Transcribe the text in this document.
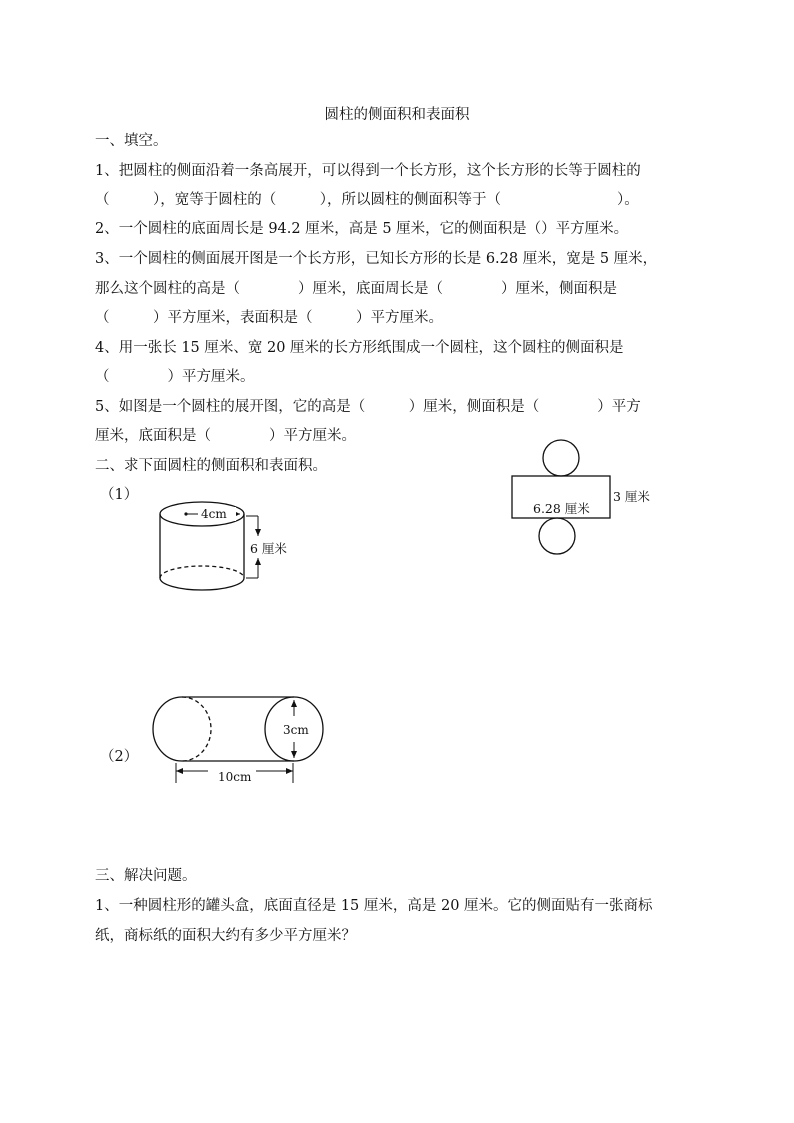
圆柱的侧面积和表面积
一、填空。
1、把圆柱的侧面沿着一条高展开，可以得到一个长方形，这个长方形的长等于圆柱的
（　　　），宽等于圆柱的（　　　），所以圆柱的侧面积等于（　　　　　　　　）。
2、一个圆柱的底面周长是 94.2 厘米，高是 5 厘米，它的侧面积是（）平方厘米。
3、一个圆柱的侧面展开图是一个长方形，已知长方形的长是 6.28 厘米，宽是 5 厘米，
那么这个圆柱的高是（　　　　）厘米，底面周长是（　　　　）厘米，侧面积是
（　　　）平方厘米，表面积是（　　　）平方厘米。
4、用一张长 15 厘米、宽 20 厘米的长方形纸围成一个圆柱，这个圆柱的侧面积是
（　　　　）平方厘米。
5、如图是一个圆柱的展开图，它的高是（　　　）厘米，侧面积是（　　　　）平方
厘米，底面积是（　　　　）平方厘米。
二、求下面圆柱的侧面积和表面积。
（1）
4cm
6 厘米
6.28 厘米
3 厘米
3cm
10cm
（2）
三、解决问题。
1、一种圆柱形的罐头盒，底面直径是 15 厘米，高是 20 厘米。它的侧面贴有一张商标
纸，商标纸的面积大约有多少平方厘米？
